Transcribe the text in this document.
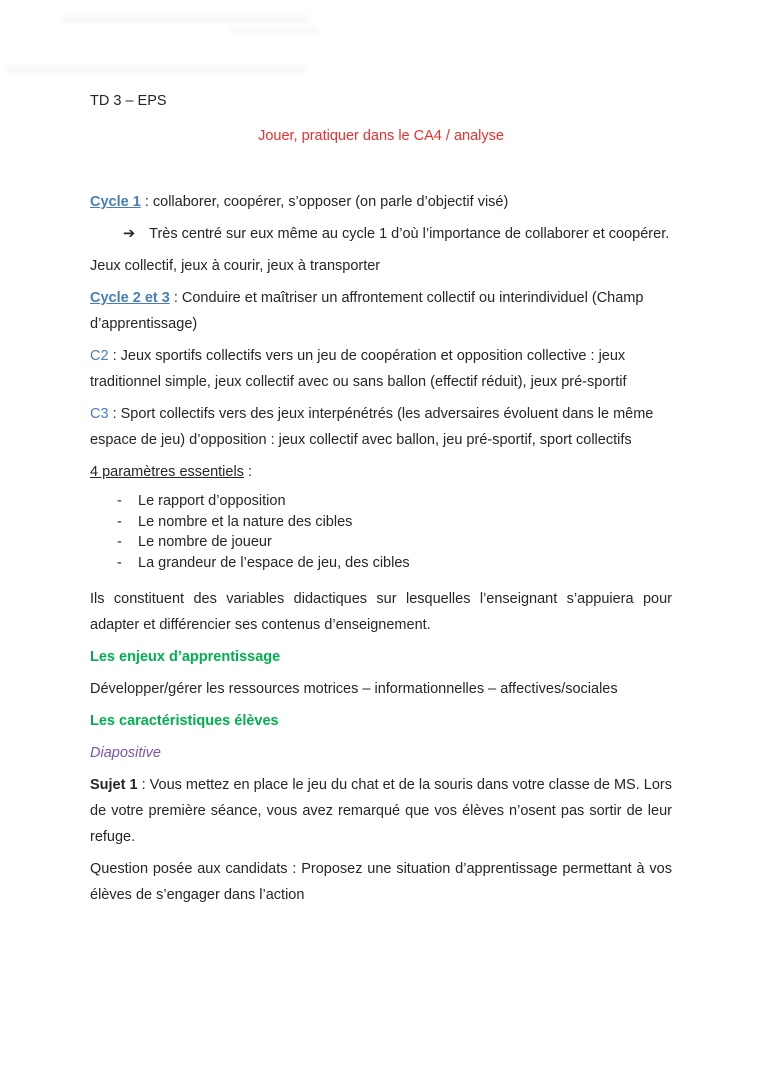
TD 3 – EPS

Jouer, pratiquer dans le CA4 / analyse

Cycle 1 : collaborer, coopérer, s’opposer (on parle d’objectif visé)

➔ Très centré sur eux même au cycle 1 d’où l’importance de collaborer et coopérer.

Jeux collectif, jeux à courir, jeux à transporter

Cycle 2 et 3 : Conduire et maîtriser un affrontement collectif ou interindividuel (Champ d’apprentissage)

C2 : Jeux sportifs collectifs vers un jeu de coopération et opposition collective : jeux traditionnel simple, jeux collectif avec ou sans ballon (effectif réduit), jeux pré-sportif

C3 : Sport collectifs vers des jeux interpénétrés (les adversaires évoluent dans le même espace de jeu) d’opposition : jeux collectif avec ballon, jeu pré-sportif, sport collectifs

4 paramètres essentiels :

-	Le rapport d’opposition
-	Le nombre et la nature des cibles
-	Le nombre de joueur
-	La grandeur de l’espace de jeu, des cibles

Ils constituent des variables didactiques sur lesquelles l’enseignant s’appuiera pour adapter et différencier ses contenus d’enseignement.

Les enjeux d’apprentissage

Développer/gérer les ressources motrices – informationnelles – affectives/sociales

Les caractéristiques élèves

Diapositive

Sujet 1 : Vous mettez en place le jeu du chat et de la souris dans votre classe de MS. Lors de votre première séance, vous avez remarqué que vos élèves n’osent pas sortir de leur refuge.

Question posée aux candidats : Proposez une situation d’apprentissage permettant à vos élèves de s’engager dans l’action
